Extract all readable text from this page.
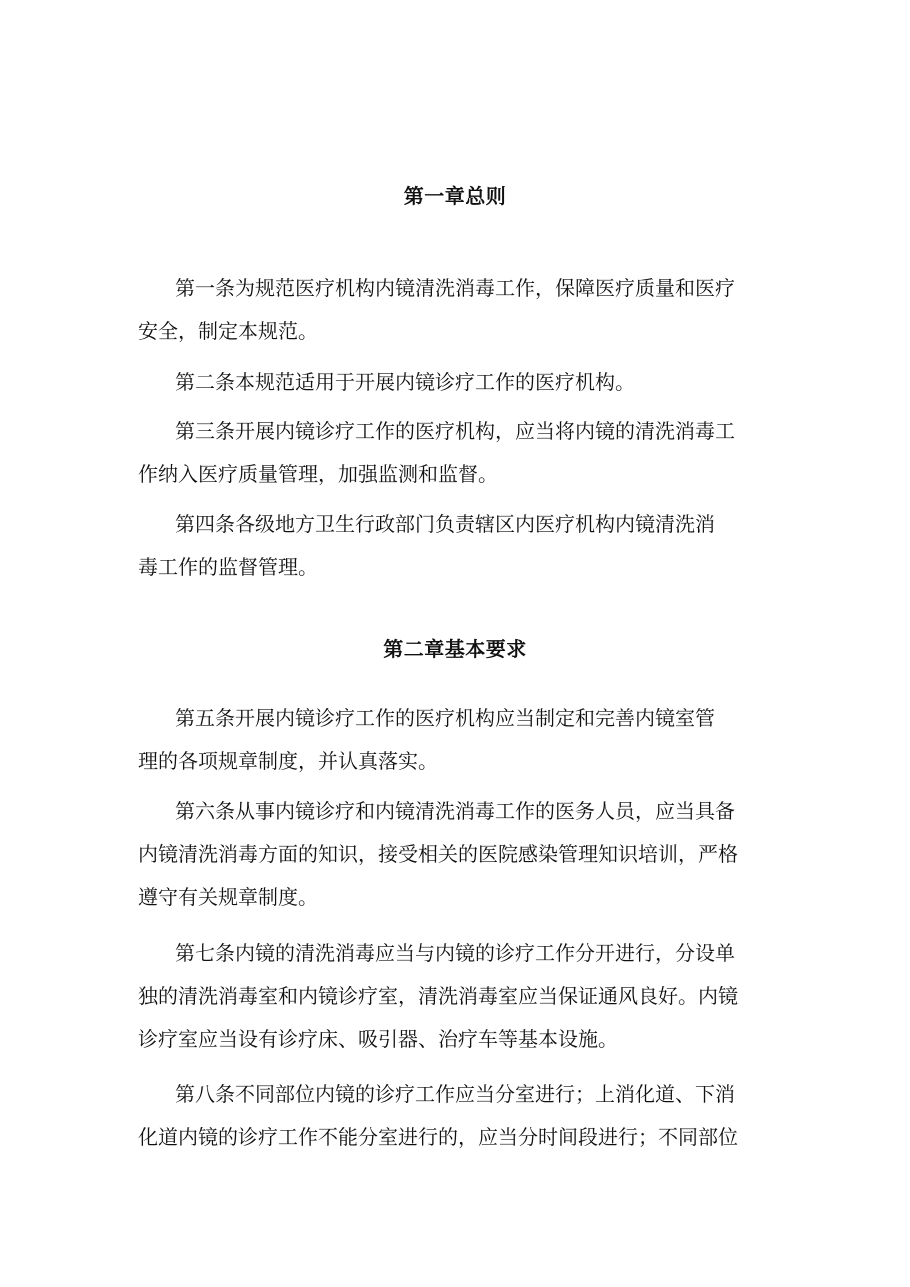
第一章总则
第一条为规范医疗机构内镜清洗消毒工作，保障医疗质量和医疗
安全，制定本规范。
第二条本规范适用于开展内镜诊疗工作的医疗机构。
第三条开展内镜诊疗工作的医疗机构，应当将内镜的清洗消毒工
作纳入医疗质量管理，加强监测和监督。
第四条各级地方卫生行政部门负责辖区内医疗机构内镜清洗消
毒工作的监督管理。
第二章基本要求
第五条开展内镜诊疗工作的医疗机构应当制定和完善内镜室管
理的各项规章制度，并认真落实。
第六条从事内镜诊疗和内镜清洗消毒工作的医务人员，应当具备
内镜清洗消毒方面的知识，接受相关的医院感染管理知识培训，严格
遵守有关规章制度。
第七条内镜的清洗消毒应当与内镜的诊疗工作分开进行，分设单
独的清洗消毒室和内镜诊疗室，清洗消毒室应当保证通风良好。内镜
诊疗室应当设有诊疗床、吸引器、治疗车等基本设施。
第八条不同部位内镜的诊疗工作应当分室进行；上消化道、下消
化道内镜的诊疗工作不能分室进行的，应当分时间段进行；不同部位
